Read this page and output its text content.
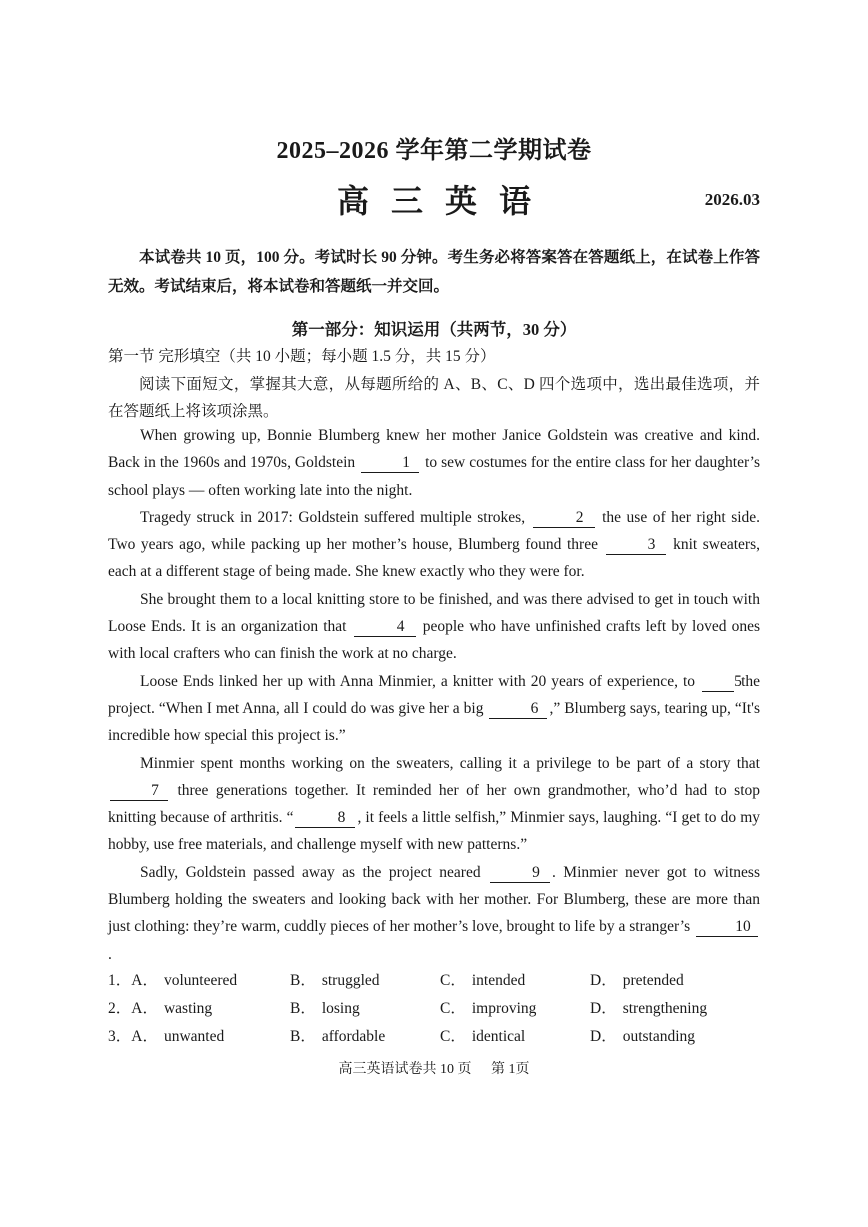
2025–2026 学年第二学期试卷
高三英语	2026.03
本试卷共 10 页，100 分。考试时长 90 分钟。考生务必将答案答在答题纸上，在试卷上作答无效。考试结束后，将本试卷和答题纸一并交回。
第一部分：知识运用（共两节，30 分）
第一节 完形填空（共 10 小题；每小题 1.5 分，共 15 分）
阅读下面短文，掌握其大意，从每题所给的 A、B、C、D 四个选项中，选出最佳选项，并在答题纸上将该项涂黑。

When growing up, Bonnie Blumberg knew her mother Janice Goldstein was creative and kind. Back in the 1960s and 1970s, Goldstein	1 to sew costumes for the entire class for her daughter’s school plays — often working late into the night.

Tragedy struck in 2017: Goldstein suffered multiple strokes,	2 the use of her right side. Two years ago, while packing up her mother’s house, Blumberg found three	3 knit sweaters, each at a different stage of being made. She knew exactly who they were for.

She brought them to a local knitting store to be finished, and was there advised to get in touch with Loose Ends. It is an organization that	4 people who have unfinished crafts left by loved ones with local crafters who can finish the work at no charge.

Loose Ends linked her up with Anna Minmier, a knitter with 20 years of experience, to	5 the project. “When I met Anna, all I could do was give her a big	6 ,” Blumberg says, tearing up, “It's incredible how special this project is.”

Minmier spent months working on the sweaters, calling it a privilege to be part of a story that 7 three generations together. It reminded her of her own grandmother, who’d had to stop knitting because of arthritis. “	8 , it feels a little selfish,” Minmier says, laughing. “I get to do my hobby, use free materials, and challenge myself with new patterns.”

Sadly, Goldstein passed away as the project neared	9 . Minmier never got to witness Blumberg holding the sweaters and looking back with her mother. For Blumberg, these are more than just clothing: they’re warm, cuddly pieces of her mother’s love, brought to life by a stranger’s	10.

1．A． volunteered	B． struggled	C． intended	D． pretended
2．A． wasting	B． losing	C． improving	D． strengthening
3．A． unwanted	B． affordable	C． identical	D． outstanding
高三英语试卷共 10 页 第 1页
